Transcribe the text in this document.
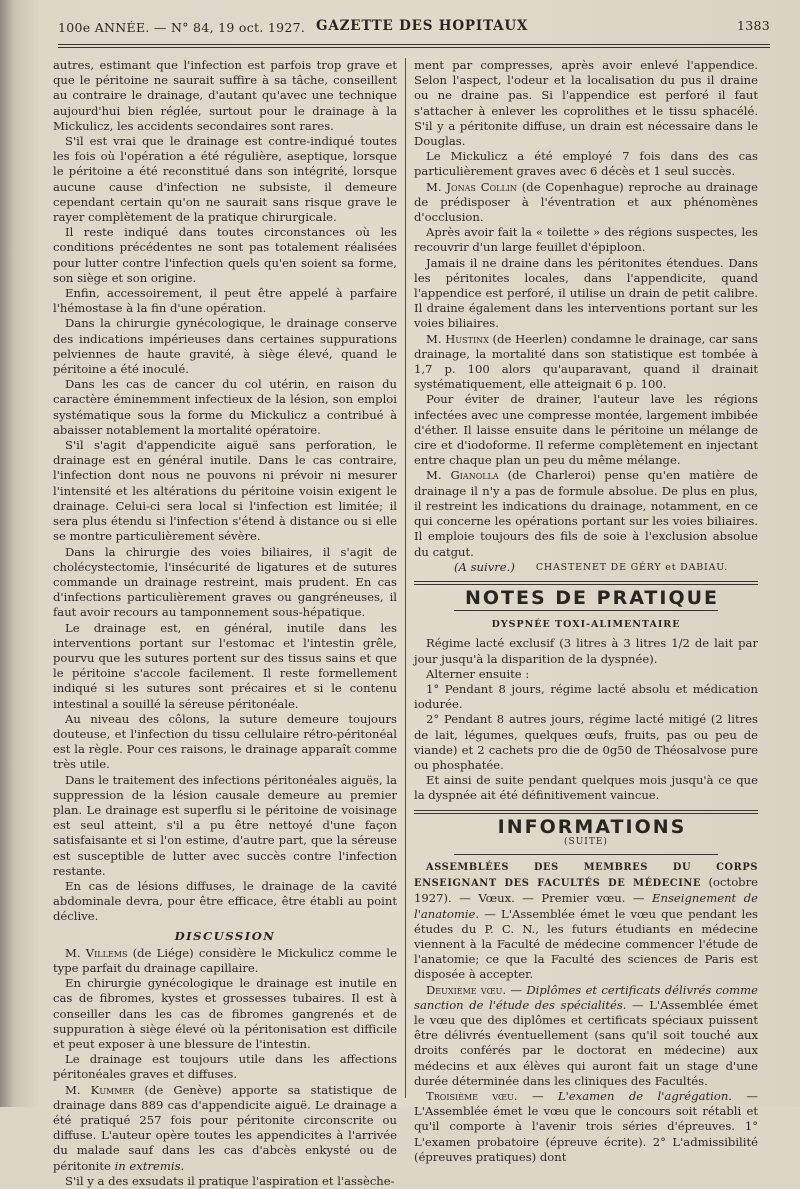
100e ANNÉE. — N° 84, 19 oct. 1927. GAZETTE DES HOPITAUX	1383

autres, estimant que l'infection est parfois trop grave et que le péritoine ne saurait suffire à sa tâche, conseillent au contraire le drainage, d'autant qu'avec une technique aujourd'hui bien réglée, surtout pour le drainage à la Mickulicz, les accidents secondaires sont rares.

S'il est vrai que le drainage est contre-indiqué toutes les fois où l'opération a été régulière, aseptique, lorsque le péritoine a été reconstitué dans son intégrité, lorsque aucune cause d'infection ne subsiste, il demeure cependant certain qu'on ne saurait sans risque grave le rayer complètement de la pratique chirurgicale.

Il reste indiqué dans toutes circonstances où les conditions précédentes ne sont pas totalement réalisées pour lutter contre l'infection quels qu'en soient sa forme, son siège et son origine.

Enfin, accessoirement, il peut être appelé à parfaire l'hémostase à la fin d'une opération.

Dans la chirurgie gynécologique, le drainage conserve des indications impérieuses dans certaines suppurations pelviennes de haute gravité, à siège élevé, quand le péritoine a été inoculé.

Dans les cas de cancer du col utérin, en raison du caractère éminemment infectieux de la lésion, son emploi systématique sous la forme du Mickulicz a contribué à abaisser notablement la mortalité opératoire.

S'il s'agit d'appendicite aiguë sans perforation, le drainage est en général inutile. Dans le cas contraire, l'infection dont nous ne pouvons ni prévoir ni mesurer l'intensité et les altérations du péritoine voisin exigent le drainage. Celui-ci sera local si l'infection est limitée; il sera plus étendu si l'infection s'étend à distance ou si elle se montre particulièrement sévère.

Dans la chirurgie des voies biliaires, il s'agit de cholécystectomie, l'insécurité de ligatures et de sutures commande un drainage restreint, mais prudent. En cas d'infections particulièrement graves ou gangréneuses, il faut avoir recours au tamponnement sous-hépatique.

Le drainage est, en général, inutile dans les interventions portant sur l'estomac et l'intestin grêle, pourvu que les sutures portent sur des tissus sains et que le péritoine s'accole facilement. Il reste formellement indiqué si les sutures sont précaires et si le contenu intestinal a souillé la séreuse péritonéale.

Au niveau des côlons, la suture demeure toujours douteuse, et l'infection du tissu cellulaire rétro-péritonéal est la règle. Pour ces raisons, le drainage apparaît comme très utile.

Dans le traitement des infections péritonéales aiguës, la suppression de la lésion causale demeure au premier plan. Le drainage est superflu si le péritoine de voisinage est seul atteint, s'il a pu être nettoyé d'une façon satisfaisante et si l'on estime, d'autre part, que la séreuse est susceptible de lutter avec succès contre l'infection restante.

En cas de lésions diffuses, le drainage de la cavité abdominale devra, pour être efficace, être établi au point déclive.

DISCUSSION

M. Villems (de Liége) considère le Mickulicz comme le type parfait du drainage capillaire.

En chirurgie gynécologique le drainage est inutile en cas de fibromes, kystes et grossesses tubaires. Il est à conseiller dans les cas de fibromes gangrenés et de suppuration à siège élevé où la péritonisation est difficile et peut exposer à une blessure de l'intestin.

Le drainage est toujours utile dans les affections péritonéales graves et diffuses.

M. Kummer (de Genève) apporte sa statistique de drainage dans 889 cas d'appendicite aiguë. Le drainage a été pratiqué 257 fois pour péritonite circonscrite ou diffuse. L'auteur opère toutes les appendicites à l'arrivée du malade sauf dans les cas d'abcès enkysté ou de péritonite in extremis.

S'il y a des exsudats il pratique l'aspiration et l'assèche-

ment par compresses, après avoir enlevé l'appendice. Selon l'aspect, l'odeur et la localisation du pus il draine ou ne draine pas. Si l'appendice est perforé il faut s'attacher à enlever les coprolithes et le tissu sphacélé. S'il y a péritonite diffuse, un drain est nécessaire dans le Douglas.

Le Mickulicz a été employé 7 fois dans des cas particulièrement graves avec 6 décès et 1 seul succès.

M. Jonas Collin (de Copenhague) reproche au drainage de prédisposer à l'éventration et aux phénomènes d'occlusion.

Après avoir fait la « toilette » des régions suspectes, les recouvrir d'un large feuillet d'épiploon.

Jamais il ne draine dans les péritonites étendues. Dans les péritonites locales, dans l'appendicite, quand l'appendice est perforé, il utilise un drain de petit calibre. Il draine également dans les interventions portant sur les voies biliaires.

M. Hustinx (de Heerlen) condamne le drainage, car sans drainage, la mortalité dans son statistique est tombée à 1,7 p. 100 alors qu'auparavant, quand il drainait systématiquement, elle atteignait 6 p. 100.

Pour éviter de drainer, l'auteur lave les régions infectées avec une compresse montée, largement imbibée d'éther. Il laisse ensuite dans le péritoine un mélange de cire et d'iodoforme. Il referme complètement en injectant entre chaque plan un peu du même mélange.

M. Gianolla (de Charleroi) pense qu'en matière de drainage il n'y a pas de formule absolue. De plus en plus, il restreint les indications du drainage, notamment, en ce qui concerne les opérations portant sur les voies biliaires. Il emploie toujours des fils de soie à l'exclusion absolue du catgut.

(A suivre.) CHASTENET DE GÉRY et DABIAU.

NOTES DE PRATIQUE

DYSPNÉE TOXI-ALIMENTAIRE

Régime lacté exclusif (3 litres à 3 litres 1/2 de lait par jour jusqu'à la disparition de la dyspnée).

Alterner ensuite :

1° Pendant 8 jours, régime lacté absolu et médication iodurée.

2° Pendant 8 autres jours, régime lacté mitigé (2 litres de lait, légumes, quelques œufs, fruits, pas ou peu de viande) et 2 cachets pro die de 0g50 de Théosalvose pure ou phosphatée.

Et ainsi de suite pendant quelques mois jusqu'à ce que la dyspnée ait été définitivement vaincue.

INFORMATIONS

(SUITE)

ASSEMBLÉES DES MEMBRES DU CORPS ENSEIGNANT DES FACULTÉS DE MÉDECINE (octobre 1927). — Vœux. — Premier vœu. — Enseignement de l'anatomie. — L'Assemblée émet le vœu que pendant les études du P. C. N., les futurs étudiants en médecine viennent à la Faculté de médecine commencer l'étude de l'anatomie; ce que la Faculté des sciences de Paris est disposée à accepter.

Deuxième vœu. — Diplômes et certificats délivrés comme sanction de l'étude des spécialités. — L'Assemblée émet le vœu que des diplômes et certificats spéciaux puissent être délivrés éventuellement (sans qu'il soit touché aux droits conférés par le doctorat en médecine) aux médecins et aux élèves qui auront fait un stage d'une durée déterminée dans les cliniques des Facultés.

Troisième vœu. — L'examen de l'agrégation. — L'Assemblée émet le vœu que le concours soit rétabli et qu'il comporte à l'avenir trois séries d'épreuves. 1° L'examen probatoire (épreuve écrite). 2° L'admissibilité (épreuves pratiques) dont
